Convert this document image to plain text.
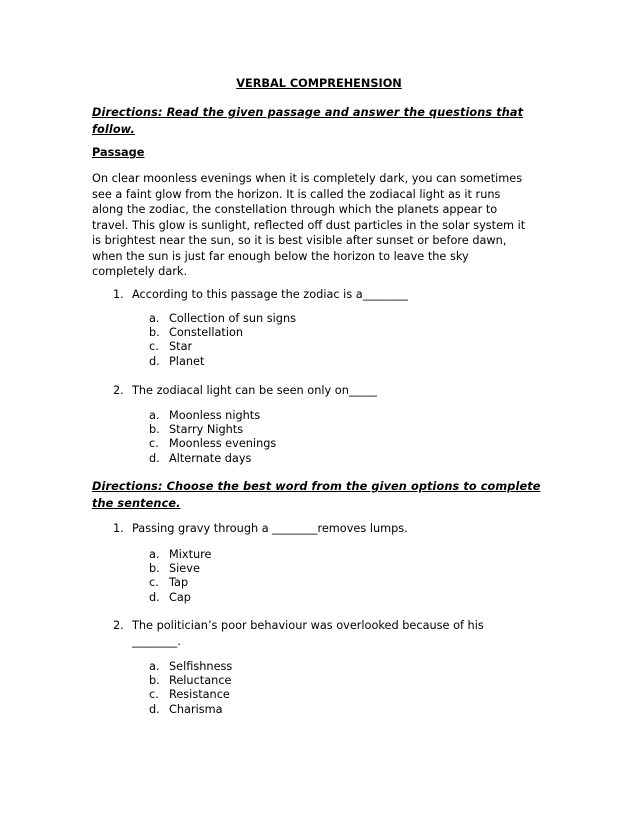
VERBAL COMPREHENSION
Directions: Read the given passage and answer the questions that
follow.
Passage
On clear moonless evenings when it is completely dark, you can sometimes
see a faint glow from the horizon. It is called the zodiacal light as it runs
along the zodiac, the constellation through which the planets appear to
travel. This glow is sunlight, reflected off dust particles in the solar system it
is brightest near the sun, so it is best visible after sunset or before dawn,
when the sun is just far enough below the horizon to leave the sky
completely dark.
1. According to this passage the zodiac is a________
a. Collection of sun signs
b. Constellation
c. Star
d. Planet
2. The zodiacal light can be seen only on_____
a. Moonless nights
b. Starry Nights
c. Moonless evenings
d. Alternate days
Directions: Choose the best word from the given options to complete
the sentence.
1. Passing gravy through a ________removes lumps.
a. Mixture
b. Sieve
c. Tap
d. Cap
2. The politician’s poor behaviour was overlooked because of his
________.
a. Selfishness
b. Reluctance
c. Resistance
d. Charisma
